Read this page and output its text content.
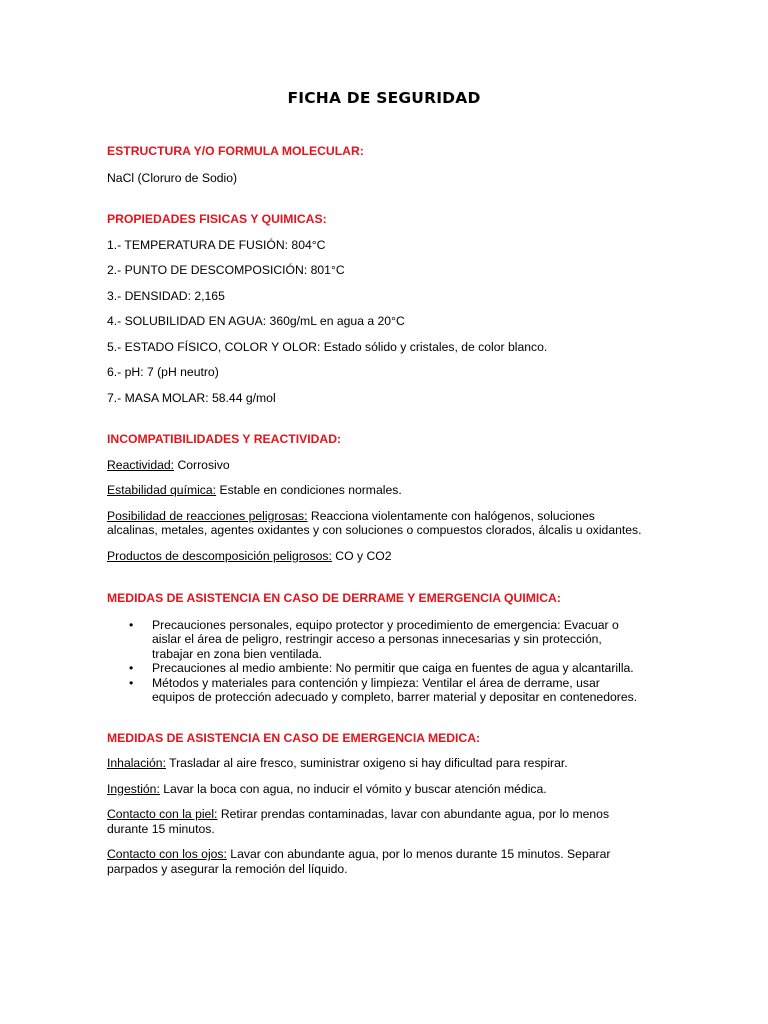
FICHA DE SEGURIDAD

ESTRUCTURA Y/O FORMULA MOLECULAR:

NaCl (Cloruro de Sodio)

PROPIEDADES FISICAS Y QUIMICAS:

1.- TEMPERATURA DE FUSIÓN: 804°C

2.- PUNTO DE DESCOMPOSICIÓN: 801°C

3.- DENSIDAD: 2,165

4.- SOLUBILIDAD EN AGUA: 360g/mL en agua a 20°C

5.- ESTADO FÍSICO, COLOR Y OLOR: Estado sólido y cristales, de color blanco.

6.- pH: 7 (pH neutro)

7.- MASA MOLAR: 58.44 g/mol

INCOMPATIBILIDADES Y REACTIVIDAD:

Reactividad: Corrosivo

Estabilidad química: Estable en condiciones normales.

Posibilidad de reacciones peligrosas: Reacciona violentamente con halógenos, soluciones alcalinas, metales, agentes oxidantes y con soluciones o compuestos clorados, álcalis u oxidantes.

Productos de descomposición peligrosos: CO y CO2

MEDIDAS DE ASISTENCIA EN CASO DE DERRAME Y EMERGENCIA QUIMICA:

• Precauciones personales, equipo protector y procedimiento de emergencia: Evacuar o aislar el área de peligro, restringir acceso a personas innecesarias y sin protección, trabajar en zona bien ventilada.
• Precauciones al medio ambiente: No permitir que caiga en fuentes de agua y alcantarilla.
• Métodos y materiales para contención y limpieza: Ventilar el área de derrame, usar equipos de protección adecuado y completo, barrer material y depositar en contenedores.

MEDIDAS DE ASISTENCIA EN CASO DE EMERGENCIA MEDICA:

Inhalación: Trasladar al aire fresco, suministrar oxigeno si hay dificultad para respirar.

Ingestión: Lavar la boca con agua, no inducir el vómito y buscar atención médica.

Contacto con la piel: Retirar prendas contaminadas, lavar con abundante agua, por lo menos durante 15 minutos.

Contacto con los ojos: Lavar con abundante agua, por lo menos durante 15 minutos. Separar parpados y asegurar la remoción del líquido.
